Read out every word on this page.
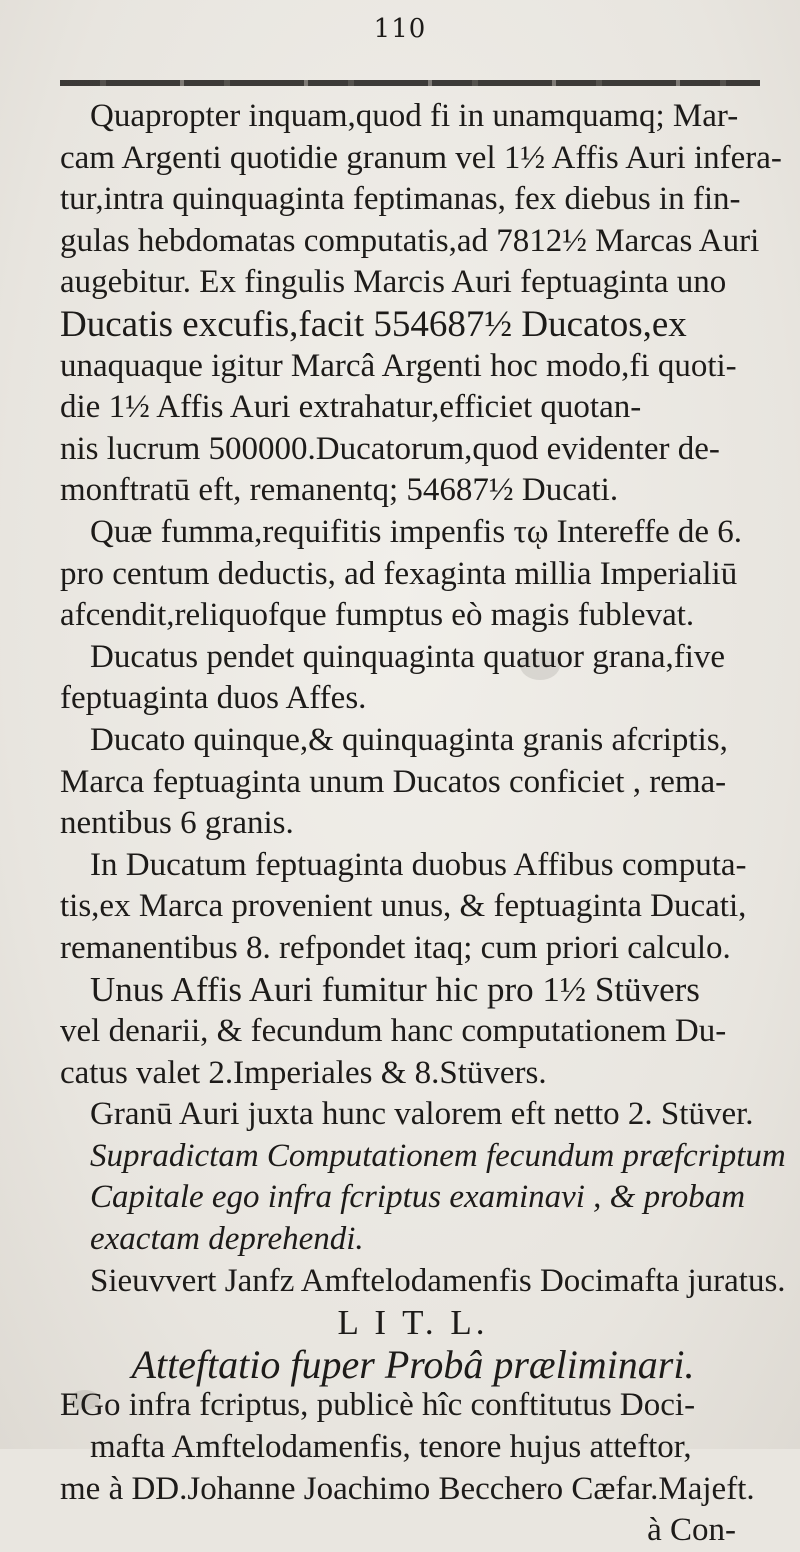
110
Quapropter inquam,quod fi in unamquamq; Mar-
cam Argenti quotidie granum vel 1½ Affis Auri infera-
tur,intra quinquaginta feptimanas, fex diebus in fin-
gulas hebdomatas computatis,ad 7812½ Marcas Auri
augebitur. Ex fingulis Marcis Auri feptuaginta uno
Ducatis excufis,facit 554687½ Ducatos,ex
unaquaque igitur Marcâ Argenti hoc modo,fi quoti-
die 1½ Affis Auri extrahatur,efficiet quotan-
nis lucrum 500000.Ducatorum,quod evidenter de-
monftratū eft, remanentq; 54687½ Ducati.
Quæ fumma,requifitis impenfis τῳ Intereffe de 6.
pro centum deductis, ad fexaginta millia Imperialiū
afcendit,reliquofque fumptus eò magis fublevat.
Ducatus pendet quinquaginta quatuor grana,five
feptuaginta duos Affes.
Ducato quinque,& quinquaginta granis afcriptis,
Marca feptuaginta unum Ducatos conficiet , rema-
nentibus 6 granis.
In Ducatum feptuaginta duobus Affibus computa-
tis,ex Marca provenient unus, & feptuaginta Ducati,
remanentibus 8. refpondet itaq; cum priori calculo.
Unus Affis Auri fumitur hic pro 1½ Stüvers
vel denarii, & fecundum hanc computationem Du-
catus valet 2.Imperiales & 8.Stüvers.
Granū Auri juxta hunc valorem eft netto 2. Stüver.
Supradictam Computationem fecundum præfcriptum
Capitale ego infra fcriptus examinavi , & probam
exactam deprehendi.
Sieuvvert Janfz Amftelodamenfis Docimafta juratus.
L I T. L.
Atteftatio fuper Probâ præliminari.
EGo infra fcriptus, publicè hîc conftitutus Doci-
mafta Amftelodamenfis, tenore hujus atteftor,
me à DD.Johanne Joachimo Becchero Cæfar.Majeft.
à Con-
